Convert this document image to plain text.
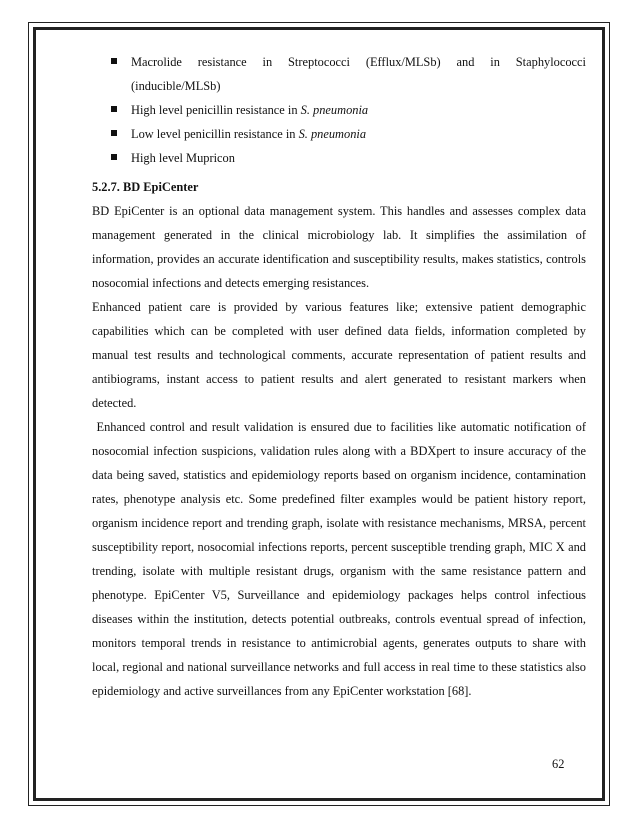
Macrolide resistance in Streptococci (Efflux/MLSb) and in Staphylococci (inducible/MLSb)
High level penicillin resistance in S. pneumonia
Low level penicillin resistance in S. pneumonia
High level Mupricon
5.2.7. BD EpiCenter

BD EpiCenter is an optional data management system. This handles and assesses complex data management generated in the clinical microbiology lab. It simplifies the assimilation of information, provides an accurate identification and susceptibility results, makes statistics, controls nosocomial infections and detects emerging resistances.

Enhanced patient care is provided by various features like; extensive patient demographic capabilities which can be completed with user defined data fields, information completed by manual test results and technological comments, accurate representation of patient results and antibiograms, instant access to patient results and alert generated to resistant markers when detected.

Enhanced control and result validation is ensured due to facilities like automatic notification of nosocomial infection suspicions, validation rules along with a BDXpert to insure accuracy of the data being saved, statistics and epidemiology reports based on organism incidence, contamination rates, phenotype analysis etc. Some predefined filter examples would be patient history report, organism incidence report and trending graph, isolate with resistance mechanisms, MRSA, percent susceptibility report, nosocomial infections reports, percent susceptible trending graph, MIC X and trending, isolate with multiple resistant drugs, organism with the same resistance pattern and phenotype. EpiCenter V5, Surveillance and epidemiology packages helps control infectious diseases within the institution, detects potential outbreaks, controls eventual spread of infection, monitors temporal trends in resistance to antimicrobial agents, generates outputs to share with local, regional and national surveillance networks and full access in real time to these statistics also epidemiology and active surveillances from any EpiCenter workstation [68].

62
